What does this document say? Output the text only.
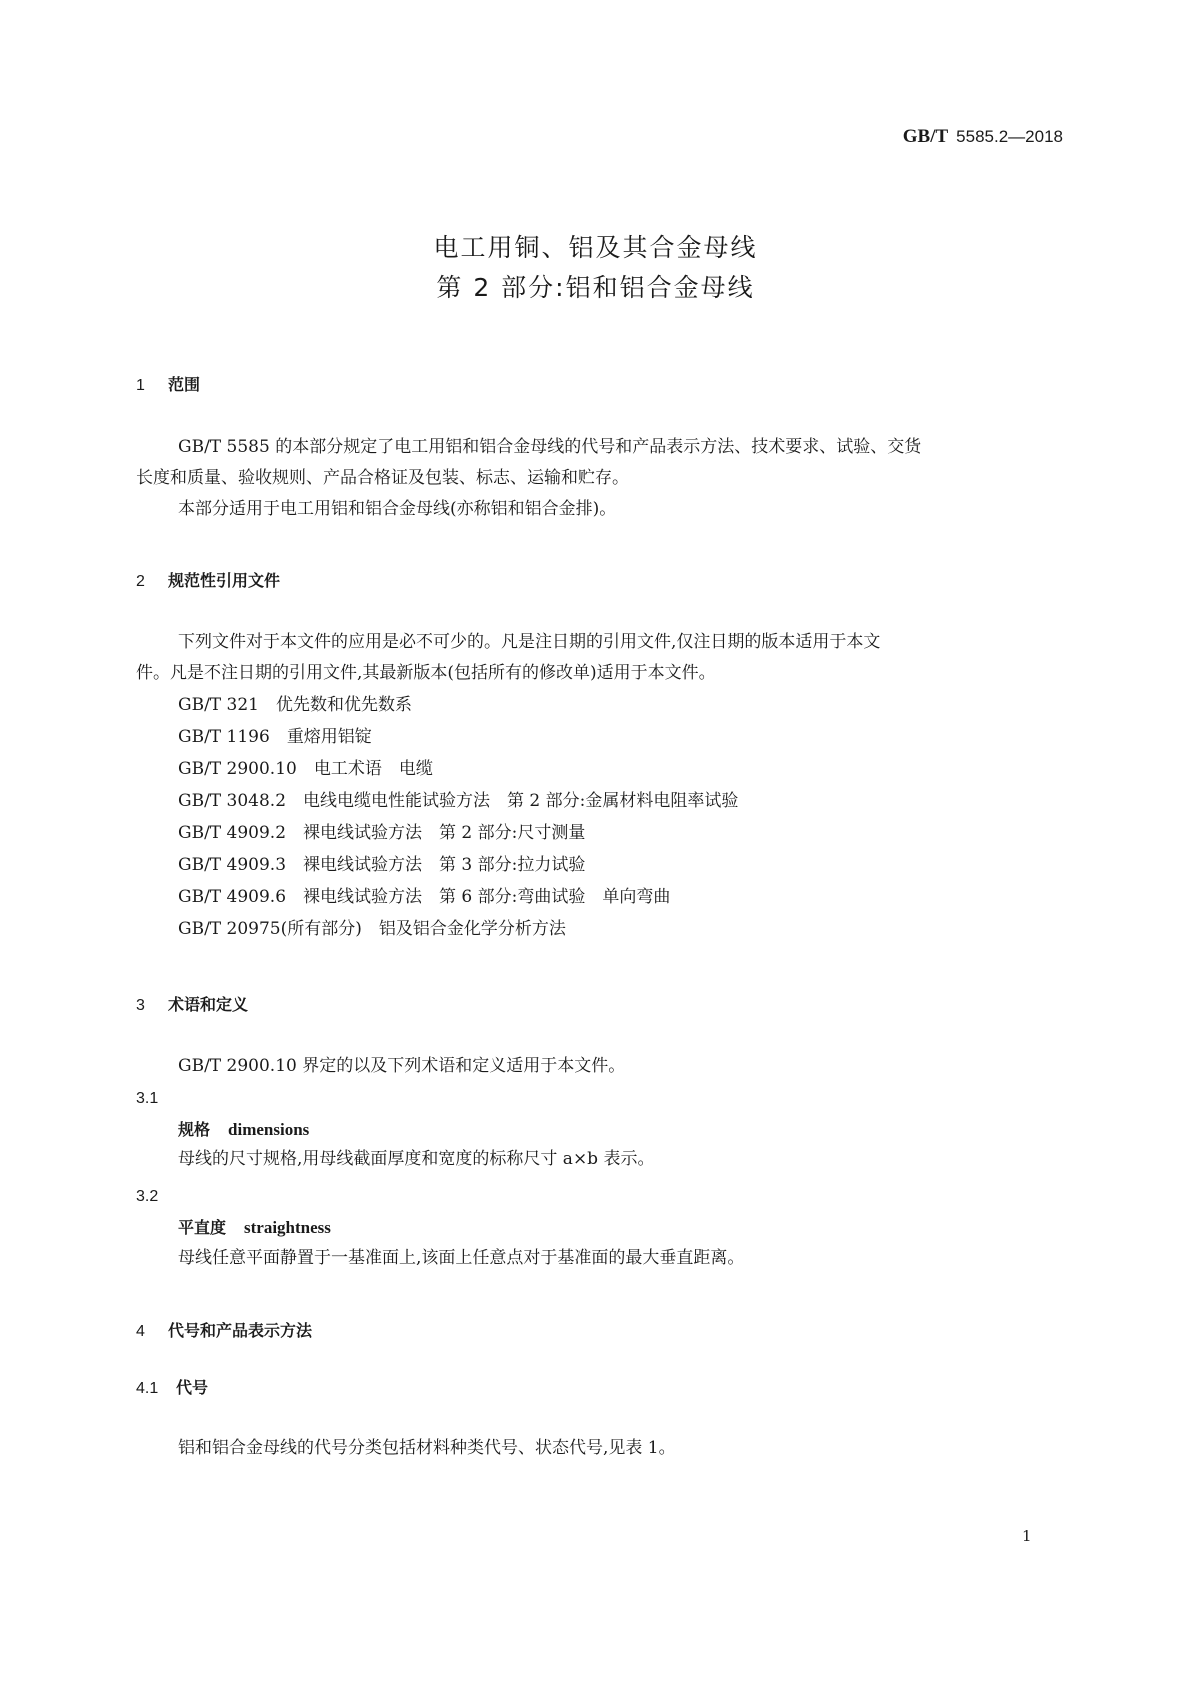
GB/T 5585.2—2018
电工用铜、铝及其合金母线
第 2 部分:铝和铝合金母线
1 范围
GB/T 5585 的本部分规定了电工用铝和铝合金母线的代号和产品表示方法、技术要求、试验、交货
长度和质量、验收规则、产品合格证及包装、标志、运输和贮存。
本部分适用于电工用铝和铝合金母线(亦称铝和铝合金排)。
2 规范性引用文件
下列文件对于本文件的应用是必不可少的。凡是注日期的引用文件,仅注日期的版本适用于本文
件。凡是不注日期的引用文件,其最新版本(包括所有的修改单)适用于本文件。
GB/T 321　 优先数和优先数系
GB/T 1196　 重熔用铝锭
GB/T 2900.10　 电工术语　电缆
GB/T 3048.2　 电线电缆电性能试验方法　第 2 部分:金属材料电阻率试验
GB/T 4909.2　 裸电线试验方法　第 2 部分:尺寸测量
GB/T 4909.3　 裸电线试验方法　第 3 部分:拉力试验
GB/T 4909.6　 裸电线试验方法　第 6 部分:弯曲试验　单向弯曲
GB/T 20975(所有部分)　 铝及铝合金化学分析方法
3 术语和定义
GB/T 2900.10 界定的以及下列术语和定义适用于本文件。
3.1
规格 dimensions
母线的尺寸规格,用母线截面厚度和宽度的标称尺寸 a×b 表示。
3.2
平直度 straightness
母线任意平面静置于一基准面上,该面上任意点对于基准面的最大垂直距离。
4 代号和产品表示方法
4.1 代号
铝和铝合金母线的代号分类包括材料种类代号、状态代号,见表 1。
1
